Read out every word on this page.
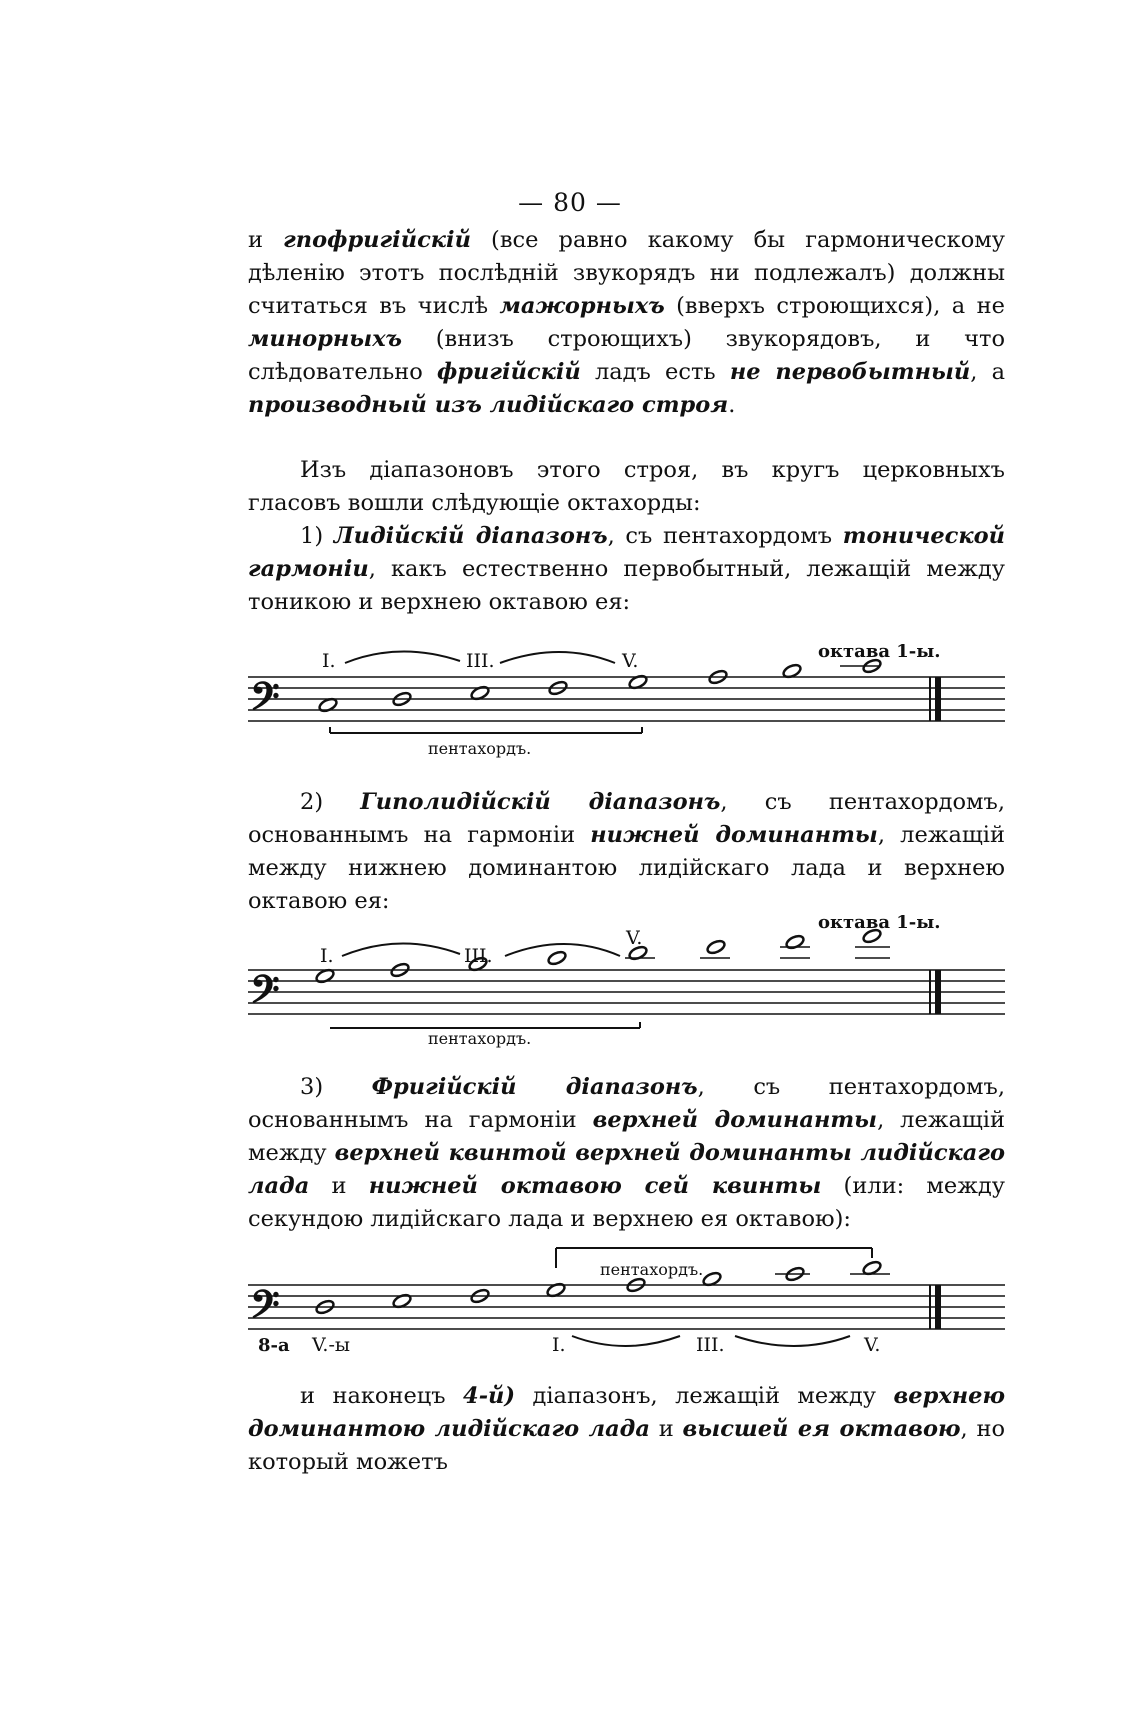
— 80 —

и гпофригійскій (все равно какому бы гармоническому дѣленію этотъ послѣдній звукорядъ ни подлежалъ) должны считаться въ числѣ мажорныхъ (вверхъ строющихся), а не минорныхъ (внизъ строющихъ) звукорядовъ, и что слѣдовательно фригійскій ладъ есть не первобытный, а производный изъ лидійскаго строя.

Изъ діапазоновъ этого строя, въ кругъ церковныхъ гласовъ вошли слѣдующіе октахорды:

1) Лидійскій діапазонъ, съ пентахордомъ тонической гармоніи, какъ естественно первобытный, лежащій между тоникою и верхнею октавою ея:

𝄢
I.	III.	V.	октава 1-ы.
пентахордъ.

2) Гиполидійскій діапазонъ, съ пентахордомъ, основаннымъ на гармоніи нижней доминанты, лежащій между нижнею доминантою лидійскаго лада и верхнею октавою ея:

𝄢
I.	III.
V.
октава 1-ы.
пентахордъ.

3) Фригійскій діапазонъ, съ пентахордомъ, основаннымъ на гармоніи верхней доминанты, лежащій между верхней квинтой верхней доминанты лидійскаго лада и нижней октавою сей квинты (или: между секундою лидійскаго лада и верхнею ея октавою):

𝄢
пентахордъ.
8-а V.-ы	I.	III.	V.

и наконецъ 4-й) діапазонъ, лежащій между верхнею доминантою лидійскаго лада и высшей ея октавою, но который можетъ
